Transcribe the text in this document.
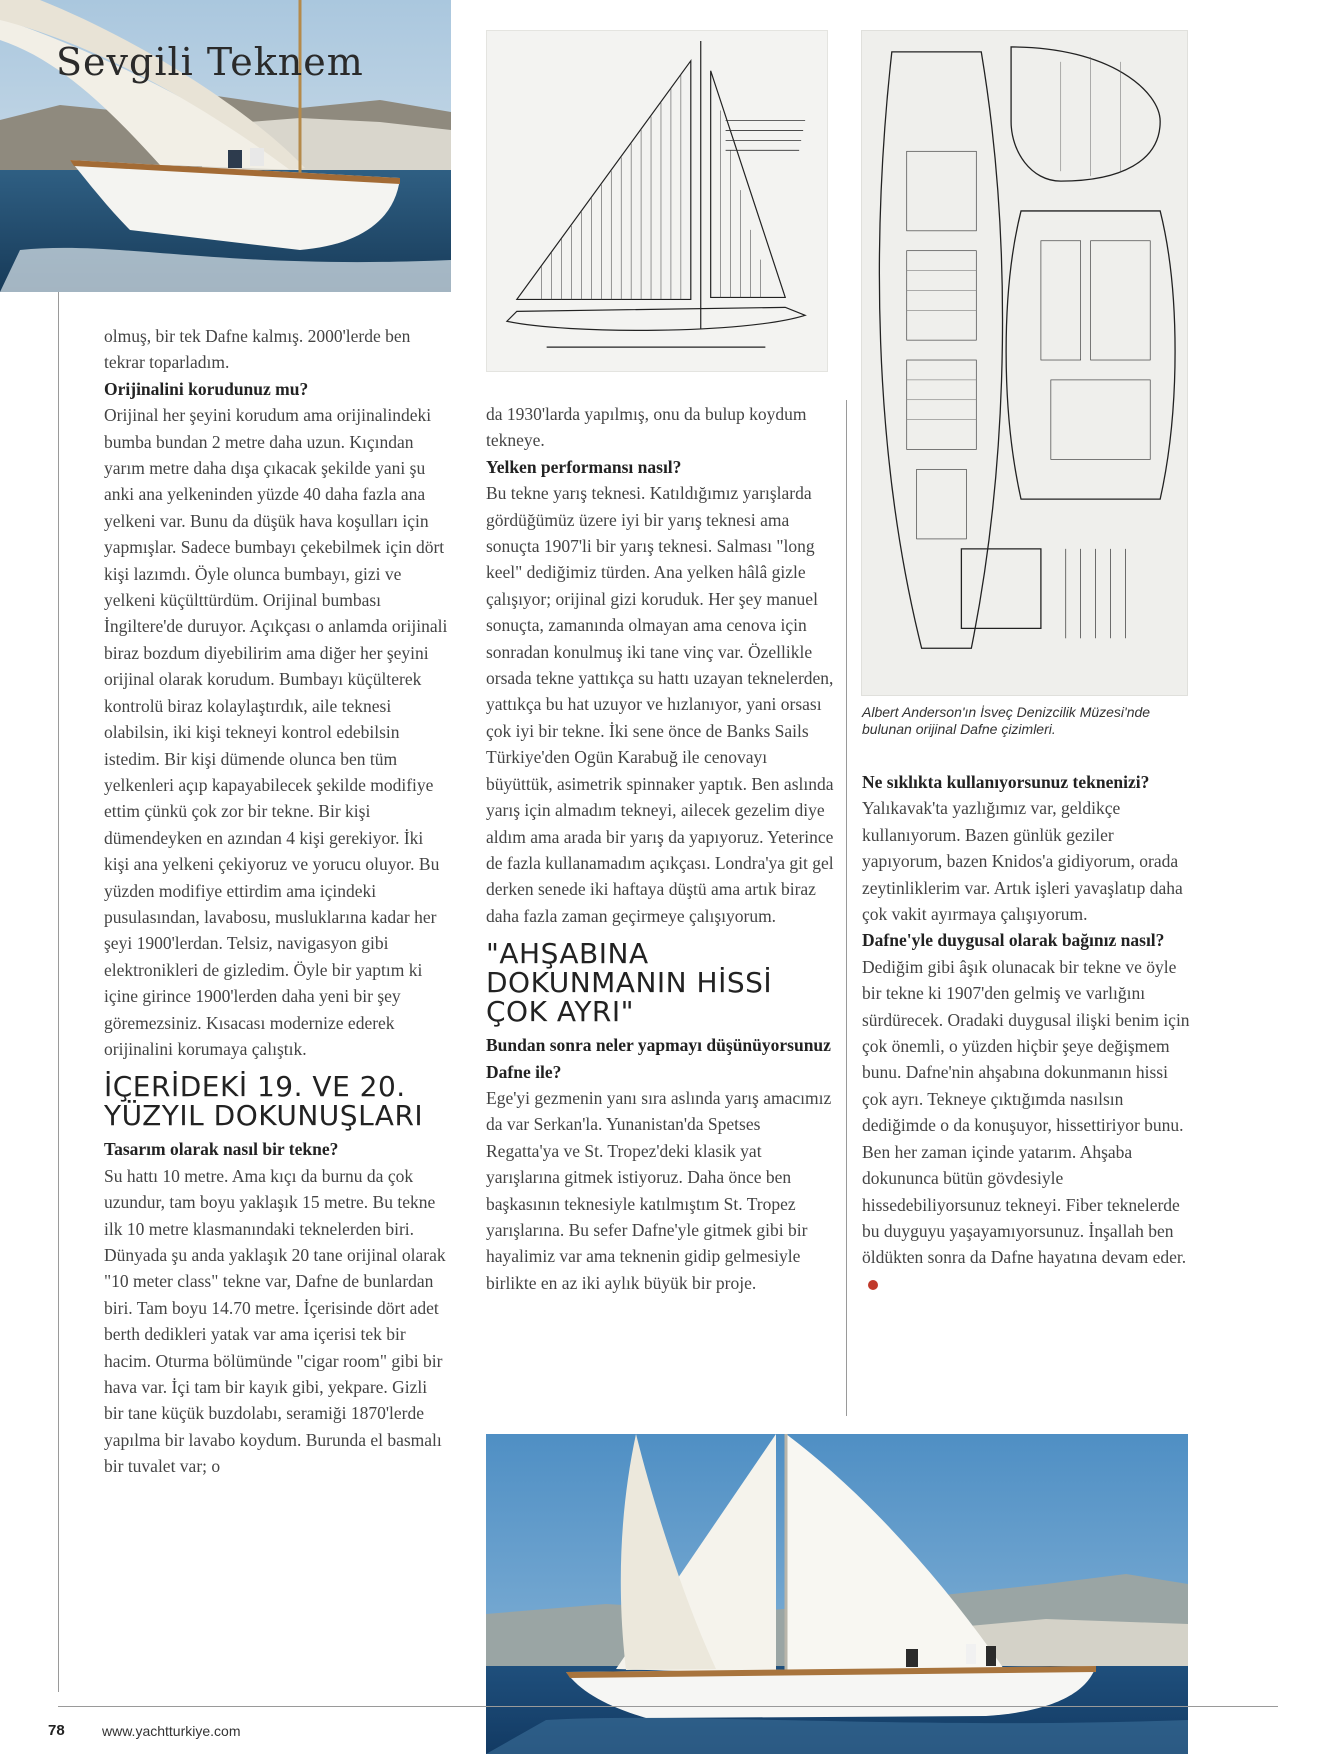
Sevgili Teknem
Albert Anderson'ın İsveç Denizcilik Müzesi'nde bulunan orijinal Dafne çizimleri.

olmuş, bir tek Dafne kalmış. 2000'lerde ben tekrar toparladım.

Orijinalini korudunuz mu?

Orijinal her şeyini korudum ama orijinalindeki bumba bundan 2 metre daha uzun. Kıçından yarım metre daha dışa çıkacak şekilde yani şu anki ana yelkeninden yüzde 40 daha fazla ana yelkeni var. Bunu da düşük hava koşulları için yapmışlar. Sadece bumbayı çekebilmek için dört kişi lazımdı. Öyle olunca bumbayı, gizi ve yelkeni küçülttürdüm. Orijinal bumbası İngiltere'de duruyor. Açıkçası o anlamda orijinali biraz bozdum diyebilirim ama diğer her şeyini orijinal olarak korudum. Bumbayı küçülterek kontrolü biraz kolaylaştırdık, aile teknesi olabilsin, iki kişi tekneyi kontrol edebilsin istedim. Bir kişi dümende olunca ben tüm yelkenleri açıp kapayabilecek şekilde modifiye ettim çünkü çok zor bir tekne. Bir kişi dümendeyken en azından 4 kişi gerekiyor. İki kişi ana yelkeni çekiyoruz ve yorucu oluyor. Bu yüzden modifiye ettirdim ama içindeki pusulasından, lavabosu, musluklarına kadar her şeyi 1900'lerdan. Telsiz, navigasyon gibi elektronikleri de gizledim. Öyle bir yaptım ki içine girince 1900'lerden daha yeni bir şey göremezsiniz. Kısacası modernize ederek orijinalini korumaya çalıştık.

İÇERİDEKİ 19. VE 20. YÜZYIL DOKUNUŞLARI

Tasarım olarak nasıl bir tekne?

Su hattı 10 metre. Ama kıçı da burnu da çok uzundur, tam boyu yaklaşık 15 metre. Bu tekne ilk 10 metre klasmanındaki teknelerden biri. Dünyada şu anda yaklaşık 20 tane orijinal olarak "10 meter class" tekne var, Dafne de bunlardan biri. Tam boyu 14.70 metre. İçerisinde dört adet berth dedikleri yatak var ama içerisi tek bir hacim. Oturma bölümünde "cigar room" gibi bir hava var. İçi tam bir kayık gibi, yekpare. Gizli bir tane küçük buzdolabı, seramiği 1870'lerde yapılma bir lavabo koydum. Burunda el basmalı bir tuvalet var; o

da 1930'larda yapılmış, onu da bulup koydum tekneye.

Yelken performansı nasıl?

Bu tekne yarış teknesi. Katıldığımız yarışlarda gördüğümüz üzere iyi bir yarış teknesi ama sonuçta 1907'li bir yarış teknesi. Salması "long keel" dediğimiz türden. Ana yelken hâlâ gizle çalışıyor; orijinal gizi koruduk. Her şey manuel sonuçta, zamanında olmayan ama cenova için sonradan konulmuş iki tane vinç var. Özellikle orsada tekne yattıkça su hattı uzayan teknelerden, yattıkça bu hat uzuyor ve hızlanıyor, yani orsası çok iyi bir tekne. İki sene önce de Banks Sails Türkiye'den Ogün Karabuğ ile cenovayı büyüttük, asimetrik spinnaker yaptık. Ben aslında yarış için almadım tekneyi, ailecek gezelim diye aldım ama arada bir yarış da yapıyoruz. Yeterince de fazla kullanamadım açıkçası. Londra'ya git gel derken senede iki haftaya düştü ama artık biraz daha fazla zaman geçirmeye çalışıyorum.

"AHŞABINA DOKUNMANIN HİSSİ ÇOK AYRI"

Bundan sonra neler yapmayı düşünüyorsunuz Dafne ile?

Ege'yi gezmenin yanı sıra aslında yarış amacımız da var Serkan'la. Yunanistan'da Spetses Regatta'ya ve St. Tropez'deki klasik yat yarışlarına gitmek istiyoruz. Daha önce ben başkasının teknesiyle katılmıştım St. Tropez yarışlarına. Bu sefer Dafne'yle gitmek gibi bir hayalimiz var ama teknenin gidip gelmesiyle birlikte en az iki aylık büyük bir proje.

Ne sıklıkta kullanıyorsunuz teknenizi?

Yalıkavak'ta yazlığımız var, geldikçe kullanıyorum. Bazen günlük geziler yapıyorum, bazen Knidos'a gidiyorum, orada zeytinliklerim var. Artık işleri yavaşlatıp daha çok vakit ayırmaya çalışıyorum.

Dafne'yle duygusal olarak bağınız nasıl?

Dediğim gibi âşık olunacak bir tekne ve öyle bir tekne ki 1907'den gelmiş ve varlığını sürdürecek. Oradaki duygusal ilişki benim için çok önemli, o yüzden hiçbir şeye değişmem bunu. Dafne'nin ahşabına dokunmanın hissi çok ayrı. Tekneye çıktığımda nasılsın dediğimde o da konuşuyor, hissettiriyor bunu. Ben her zaman içinde yatarım. Ahşaba dokununca bütün gövdesiyle hissedebiliyorsunuz tekneyi. Fiber teknelerde bu duyguyu yaşayamıyorsunuz. İnşallah ben öldükten sonra da Dafne hayatına devam eder.

78	www.yachtturkiye.com
